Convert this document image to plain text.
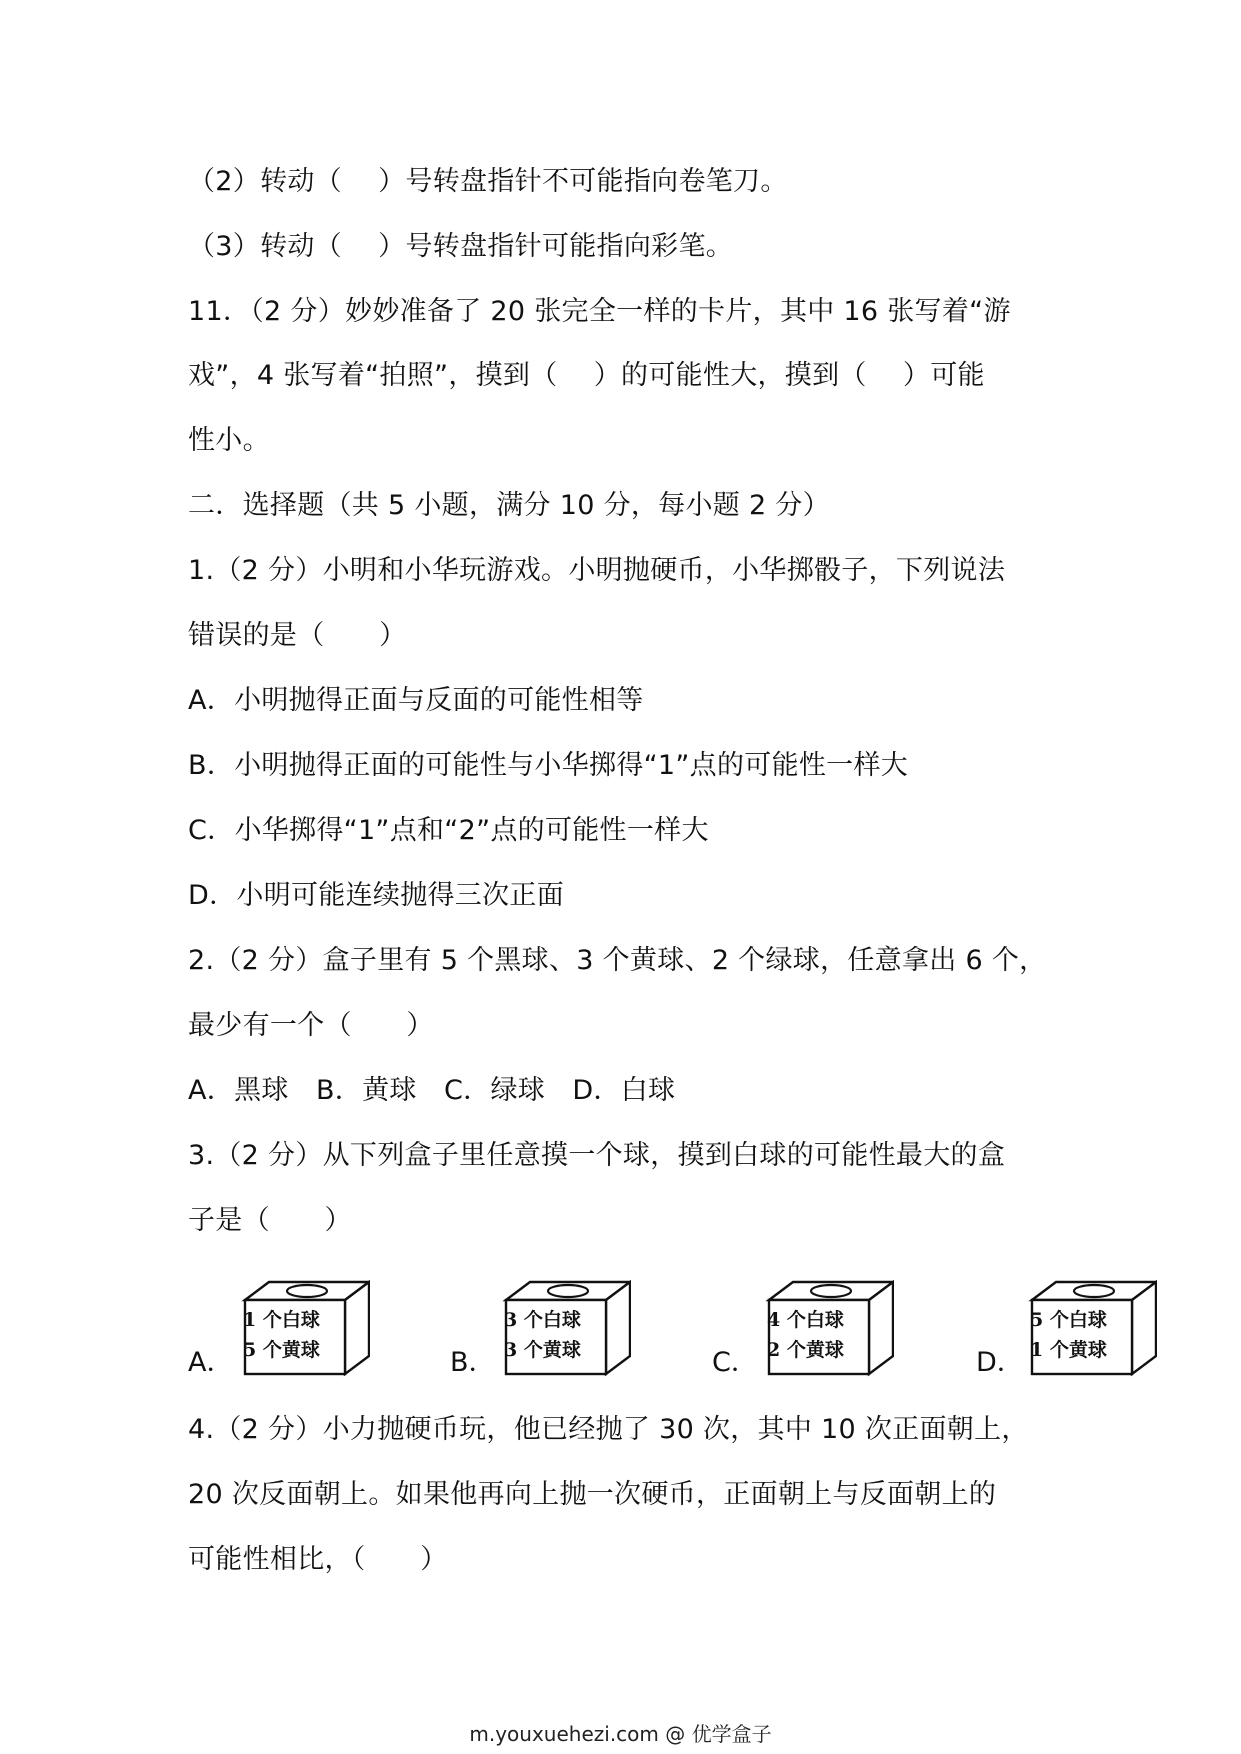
（2）转动（　 ）号转盘指针不可能指向卷笔刀。
（3）转动（　 ）号转盘指针可能指向彩笔。
11．（2 分）妙妙准备了 20 张完全一样的卡片，其中 16 张写着“游
戏”，4 张写着“拍照”，摸到（　 ）的可能性大，摸到（　 ）可能
性小。
二．选择题（共 5 小题，满分 10 分，每小题 2 分）
1.（2 分）小明和小华玩游戏。小明抛硬币，小华掷骰子，下列说法
错误的是（　　）
A．小明抛得正面与反面的可能性相等
B．小明抛得正面的可能性与小华掷得“1”点的可能性一样大
C．小华掷得“1”点和“2”点的可能性一样大
D．小明可能连续抛得三次正面
2.（2 分）盒子里有 5 个黑球、3 个黄球、2 个绿球，任意拿出 6 个，
最少有一个（　　）
A．黑球　B．黄球　C．绿球　D．白球
3.（2 分）从下列盒子里任意摸一个球，摸到白球的可能性最大的盒
子是（　　）
A．
1 个白球
5 个黄球	B．
3 个白球
3 个黄球	C．
4 个白球
2 个黄球	D．
5 个白球
1 个黄球
4.（2 分）小力抛硬币玩，他已经抛了 30 次，其中 10 次正面朝上，
20 次反面朝上。如果他再向上抛一次硬币，正面朝上与反面朝上的
可能性相比，（　　）
m.youxuehezi.com @ 优学盒子
